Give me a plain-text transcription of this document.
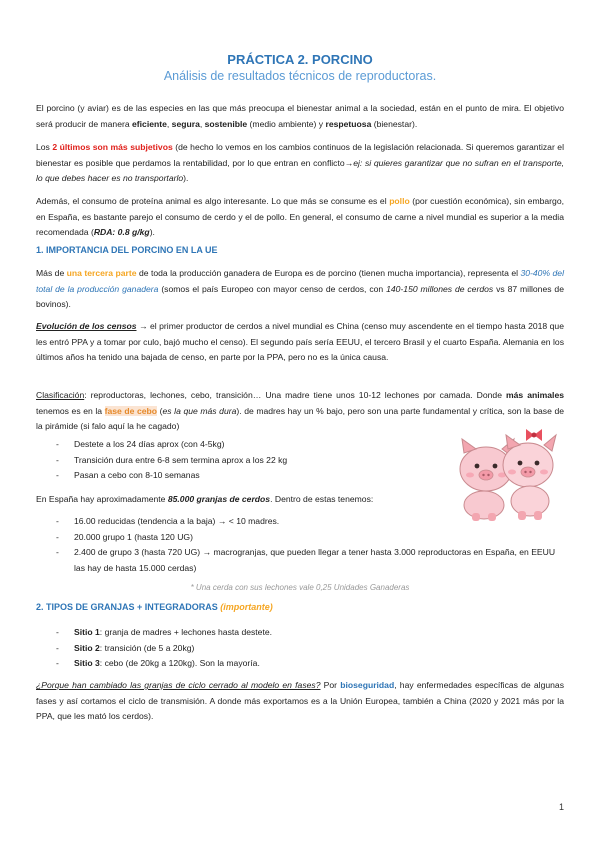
PRÁCTICA 2. PORCINO
Análisis de resultados técnicos de reproductoras.
El porcino (y aviar) es de las especies en las que más preocupa el bienestar animal a la sociedad, están en el punto de mira. El objetivo será producir de manera eficiente, segura, sostenible (medio ambiente) y respetuosa (bienestar).
Los 2 últimos son más subjetivos (de hecho lo vemos en los cambios continuos de la legislación relacionada. Si queremos garantizar el bienestar es posible que perdamos la rentabilidad, por lo que entran en conflicto→ej: si quieres garantizar que no sufran en el transporte, lo que debes hacer es no transportarlo).
Además, el consumo de proteína animal es algo interesante. Lo que más se consume es el pollo (por cuestión económica), sin embargo, en España, es bastante parejo el consumo de cerdo y el de pollo. En general, el consumo de carne a nivel mundial es superior a la media recomendada (RDA: 0.8 g/kg).
1. IMPORTANCIA DEL PORCINO EN LA UE
Más de una tercera parte de toda la producción ganadera de Europa es de porcino (tienen mucha importancia), representa el 30-40% del total de la producción ganadera (somos el país Europeo con mayor censo de cerdos, con 140-150 millones de cerdos vs 87 millones de bovinos).
Evolución de los censos → el primer productor de cerdos a nivel mundial es China (censo muy ascendente en el tiempo hasta 2018 que les entró PPA y a tomar por culo, bajó mucho el censo). El segundo país sería EEUU, el tercero Brasil y el cuarto España. Alemania en los últimos años ha tenido una bajada de censo, en parte por la PPA, pero no es la única causa.
Clasificación: reproductoras, lechones, cebo, transición… Una madre tiene unos 10-12 lechones por camada. Donde más animales tenemos es en la fase de cebo (es la que más dura). de madres hay un % bajo, pero son una parte fundamental y crítica, son la base de la pirámide (si falo aquí la he cagado)
- Destete a los 24 días aprox (con 4-5kg)
- Transición dura entre 6-8 sem termina aprox a los 22 kg
- Pasan a cebo con 8-10 semanas
En España hay aproximadamente 85.000 granjas de cerdos. Dentro de estas tenemos:
- 16.00 reducidas (tendencia a la baja) → < 10 madres.
- 20.000 grupo 1 (hasta 120 UG)
- 2.400 de grupo 3 (hasta 720 UG) → macrogranjas, que pueden llegar a tener hasta 3.000 reproductoras en España, en EEUU las hay de hasta 15.000 cerdas)
* Una cerda con sus lechones vale 0,25 Unidades Ganaderas
2. TIPOS DE GRANJAS + INTEGRADORAS (importante)
- Sitio 1: granja de madres + lechones hasta destete.
- Sitio 2: transición (de 5 a 20kg)
- Sitio 3: cebo (de 20kg a 120kg). Son la mayoría.
¿Porque han cambiado las granjas de ciclo cerrado al modelo en fases? Por bioseguridad, hay enfermedades específicas de algunas fases y así cortamos el ciclo de transmisión. A donde más exportamos es a la Unión Europea, también a China (2020 y 2021 más por la PPA, que les mató los cerdos).
1
